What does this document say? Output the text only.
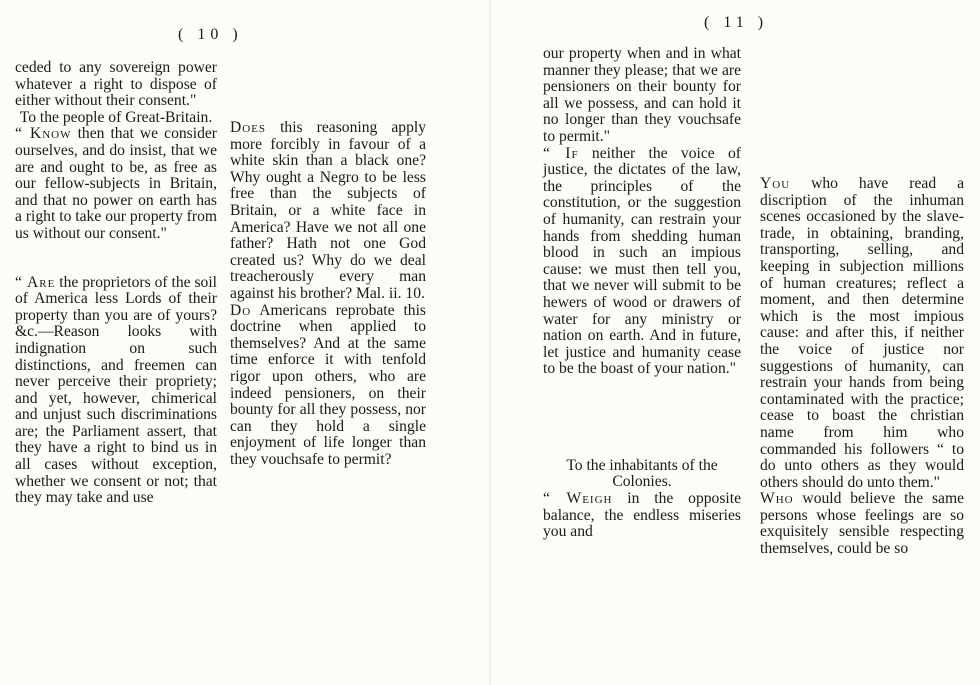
( 10 )

ceded to any sovereign power whatever a right to dispose of either without their consent."

To the people of Great-Britain.

“ Know then that we consider ourselves, and do insist, that we are and ought to be, as free as our fellow-subjects in Britain, and that no power on earth has a right to take our property from us without our consent."

“ Are the proprietors of the soil of America less Lords of their property than you are of yours? &c.—Reason looks with indignation on such distinctions, and freemen can never perceive their propriety; and yet, however, chimerical and unjust such discriminations are; the Parliament assert, that they have a right to bind us in all cases without exception, whether we consent or not; that they may take and use

Does this reasoning apply more forcibly in favour of a white skin than a black one? Why ought a Negro to be less free than the subjects of Britain, or a white face in America? Have we not all one father? Hath not one God created us? Why do we deal treacherously every man against his brother? Mal. ii. 10.

Do Americans reprobate this doctrine when applied to themselves? And at the same time enforce it with tenfold rigor upon others, who are indeed pensioners, on their bounty for all they possess, nor can they hold a single enjoyment of life longer than they vouchsafe to permit?

( 11 )

our property when and in what manner they please; that we are pensioners on their bounty for all we possess, and can hold it no longer than they vouchsafe to permit."

“ If neither the voice of justice, the dictates of the law, the principles of the constitution, or the suggestion of humanity, can restrain your hands from shedding human blood in such an impious cause: we must then tell you, that we never will submit to be hewers of wood or drawers of water for any ministry or nation on earth. And in future, let justice and humanity cease to be the boast of your nation."

To the inhabitants of the Colonies.

“ Weigh in the opposite balance, the endless miseries you and

You who have read a discription of the inhuman scenes occasioned by the slave-trade, in obtaining, branding, transporting, selling, and keeping in subjection millions of human creatures; reflect a moment, and then determine which is the most impious cause: and after this, if neither the voice of justice nor suggestions of humanity, can restrain your hands from being contaminated with the practice; cease to boast the christian name from him who commanded his followers “ to do unto others as they would others should do unto them."

Who would believe the same persons whose feelings are so exquisitely sensible respecting themselves, could be so
